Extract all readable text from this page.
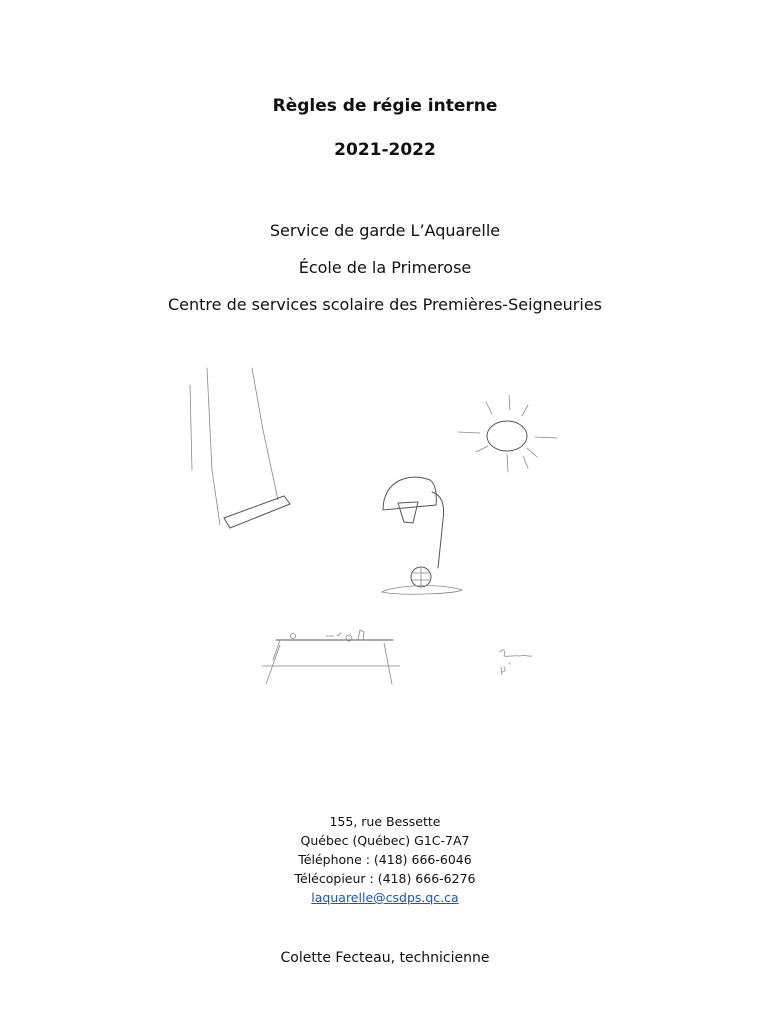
Règles de régie interne
2021-2022
Service de garde L’Aquarelle
École de la Primerose
Centre de services scolaire des Premières-Seigneuries
155, rue Bessette
Québec (Québec) G1C-7A7
Téléphone : (418) 666-6046
Télécopieur : (418) 666-6276
laquarelle@csdps.qc.ca
Colette Fecteau, technicienne
